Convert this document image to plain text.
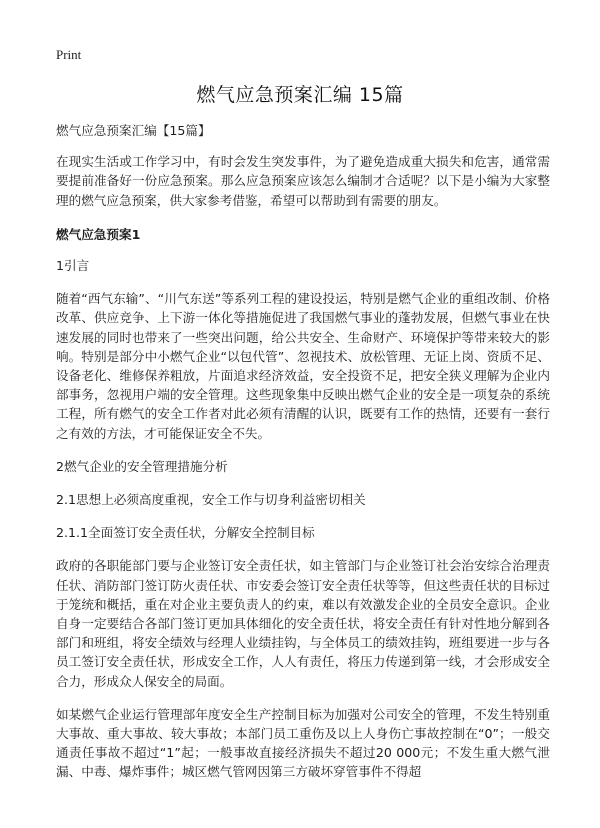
Print
燃气应急预案汇编 15篇

燃气应急预案汇编【15篇】

在现实生活或工作学习中，有时会发生突发事件，为了避免造成重大损失和危害，通常需要提前准备好一份应急预案。那么应急预案应该怎么编制才合适呢？以下是小编为大家整理的燃气应急预案，供大家参考借鉴，希望可以帮助到有需要的朋友。

燃气应急预案1

1引言

随着“西气东输”、“川气东送”等系列工程的建设投运，特别是燃气企业的重组改制、价格改革、供应竞争、上下游一体化等措施促进了我国燃气事业的蓬勃发展，但燃气事业在快速发展的同时也带来了一些突出问题，给公共安全、生命财产、环境保护等带来较大的影响。特别是部分中小燃气企业“以包代管”、忽视技术、放松管理、无证上岗、资质不足、设备老化、维修保养粗放，片面追求经济效益，安全投资不足，把安全狭义理解为企业内部事务，忽视用户端的安全管理。这些现象集中反映出燃气企业的安全是一项复杂的系统工程，所有燃气的安全工作者对此必须有清醒的认识，既要有工作的热情，还要有一套行之有效的方法，才可能保证安全不失。

2燃气企业的安全管理措施分析

2.1思想上必须高度重视，安全工作与切身利益密切相关

2.1.1全面签订安全责任状，分解安全控制目标

政府的各职能部门要与企业签订安全责任状，如主管部门与企业签订社会治安综合治理责任状、消防部门签订防火责任状、市安委会签订安全责任状等等，但这些责任状的目标过于笼统和概括，重在对企业主要负责人的约束，难以有效激发企业的全员安全意识。企业自身一定要结合各部门签订更加具体细化的安全责任状，将安全责任有针对性地分解到各部门和班组，将安全绩效与经理人业绩挂钩，与全体员工的绩效挂钩，班组要进一步与各员工签订安全责任状，形成安全工作，人人有责任，将压力传递到第一线，才会形成安全合力，形成众人保安全的局面。

如某燃气企业运行管理部年度安全生产控制目标为加强对公司安全的管理，不发生特别重大事故、重大事故、较大事故；本部门员工重伤及以上人身伤亡事故控制在“0”；一般交通责任事故不超过“1”起；一般事故直接经济损失不超过20 000元；不发生重大燃气泄漏、中毒、爆炸事件；城区燃气管网因第三方破坏穿管事件不得超
